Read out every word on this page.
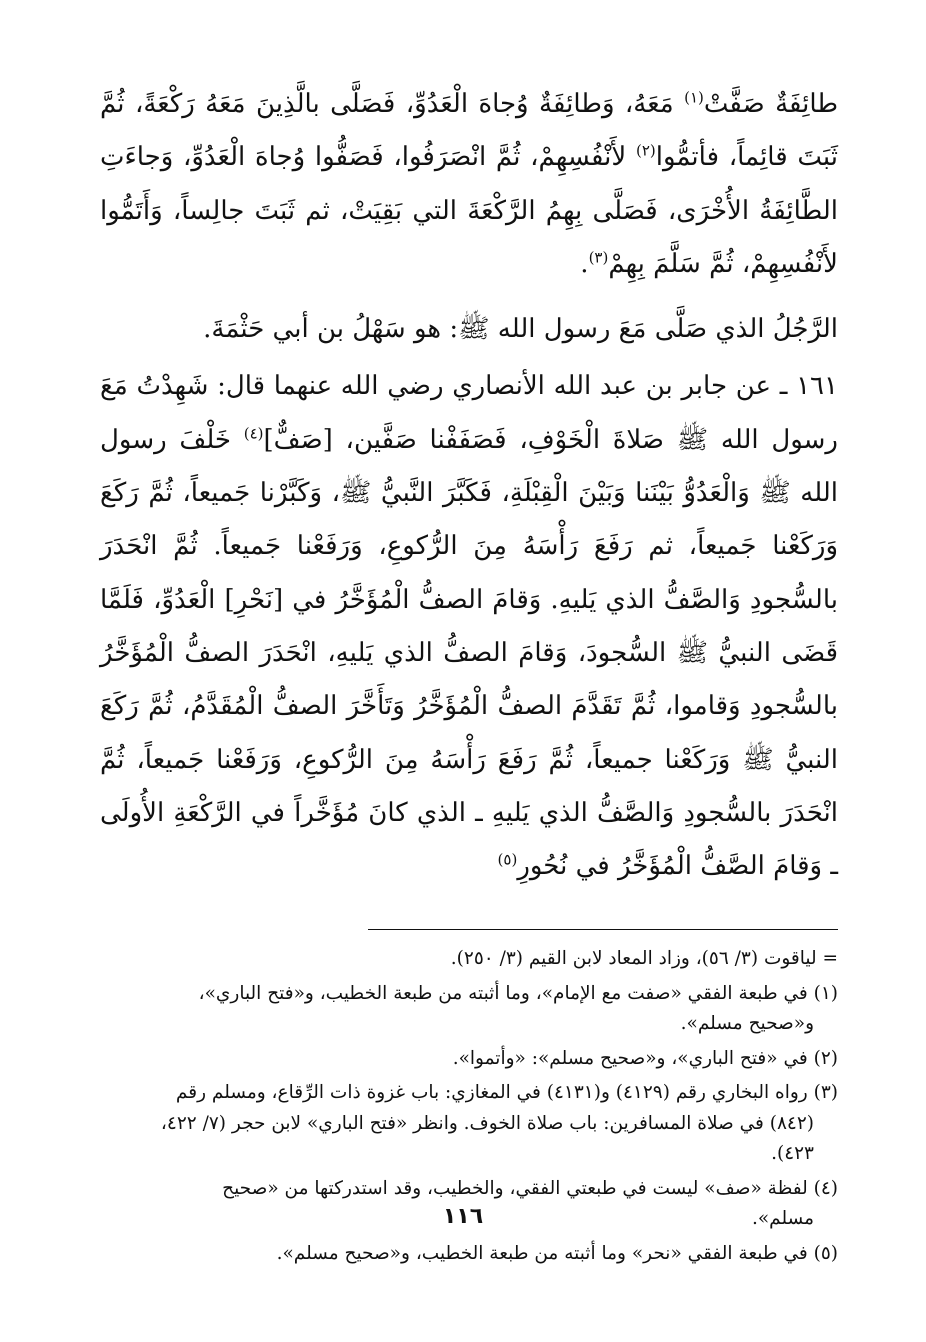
طائِفَةٌ صَفَّتْ$^{(١)}$ مَعَهُ، وَطائِفَةٌ وُجاهَ الْعَدُوِّ، فَصَلَّى بالَّذِينَ مَعَهُ رَكْعَةً، ثُمَّ ثَبَتَ قائِماً، فأتمُّوا$^{(٢)}$ لأَنْفُسِهِمْ، ثُمَّ انْصَرَفُوا، فَصَفُّوا وُجاهَ الْعَدُوِّ، وَجاءَتِ الطَّائِفَةُ الأُخْرَى، فَصَلَّى بِهِمُ الرَّكْعَةَ التي بَقِيَتْ، ثم ثَبَتَ جالِساً، وَأَتَمُّوا لأَنْفُسِهِمْ، ثُمَّ سَلَّمَ بِهِمْ$^{(٣)}$.

الرَّجُلُ الذي صَلَّى مَعَ رسول الله ﷺ: هو سَهْلُ بن أبي حَثْمَةَ.

١٦١ ـ عن جابر بن عبد الله الأنصاري رضي الله عنهما قال: شَهِدْتُ مَعَ رسول الله ﷺ صَلاةَ الْخَوْفِ، فَصَفَفْنا صَفَّين، [صَفٌّ]$^{(٤)}$ خَلْفَ رسول الله ﷺ وَالْعَدُوُّ بَيْنَنا وَبَيْنَ الْقِبْلَةِ، فَكَبَّرَ النَّبيُّ ﷺ، وَكَبَّرْنا جَميعاً، ثُمَّ رَكَعَ وَرَكَعْنا جَميعاً، ثم رَفَعَ رَأْسَهُ مِنَ الرُّكوعِ، وَرَفَعْنا جَميعاً. ثُمَّ انْحَدَرَ بالسُّجودِ وَالصَّفُّ الذي يَليهِ. وَقامَ الصفُّ الْمُؤَخَّرُ في [نَحْرِ] الْعَدُوِّ، فَلَمَّا قَضَى النبيُّ ﷺ السُّجودَ، وَقامَ الصفُّ الذي يَليهِ، انْحَدَرَ الصفُّ الْمُؤَخَّرُ بالسُّجودِ وَقاموا، ثُمَّ تَقَدَّمَ الصفُّ الْمُؤَخَّرُ وَتَأَخَّرَ الصفُّ الْمُقَدَّمُ، ثُمَّ رَكَعَ النبيُّ ﷺ وَرَكَعْنا جميعاً، ثُمَّ رَفَعَ رَأْسَهُ مِنَ الرُّكوعِ، وَرَفَعْنا جَميعاً، ثُمَّ انْحَدَرَ بالسُّجودِ وَالصَّفُّ الذي يَليهِ ـ الذي كانَ مُؤَخَّراً في الرَّكْعَةِ الأُولَى ـ وَقامَ الصَّفُّ الْمُؤَخَّرُ في نُحُورِ$^{(٥)}$

= لياقوت (٣/ ٥٦)، وزاد المعاد لابن القيم (٣/ ٢٥٠).

(١) في طبعة الفقي «صفت مع الإمام»، وما أثبته من طبعة الخطيب، و«فتح الباري»،
و«صحيح مسلم».

(٢) في «فتح الباري»، و«صحيح مسلم»: «وأتموا».

(٣) رواه البخاري رقم (٤١٢٩) و(٤١٣١) في المغازي: باب غزوة ذات الرِّقاع، ومسلم رقم
(٨٤٢) في صلاة المسافرين: باب صلاة الخوف. وانظر «فتح الباري» لابن حجر (٧/ ٤٢٢،
٤٢٣).

(٤) لفظة «صف» ليست في طبعتي الفقي، والخطيب، وقد استدركتها من «صحيح
مسلم».

(٥) في طبعة الفقي «نحر» وما أثبته من طبعة الخطيب، و«صحيح مسلم».

١١٦
